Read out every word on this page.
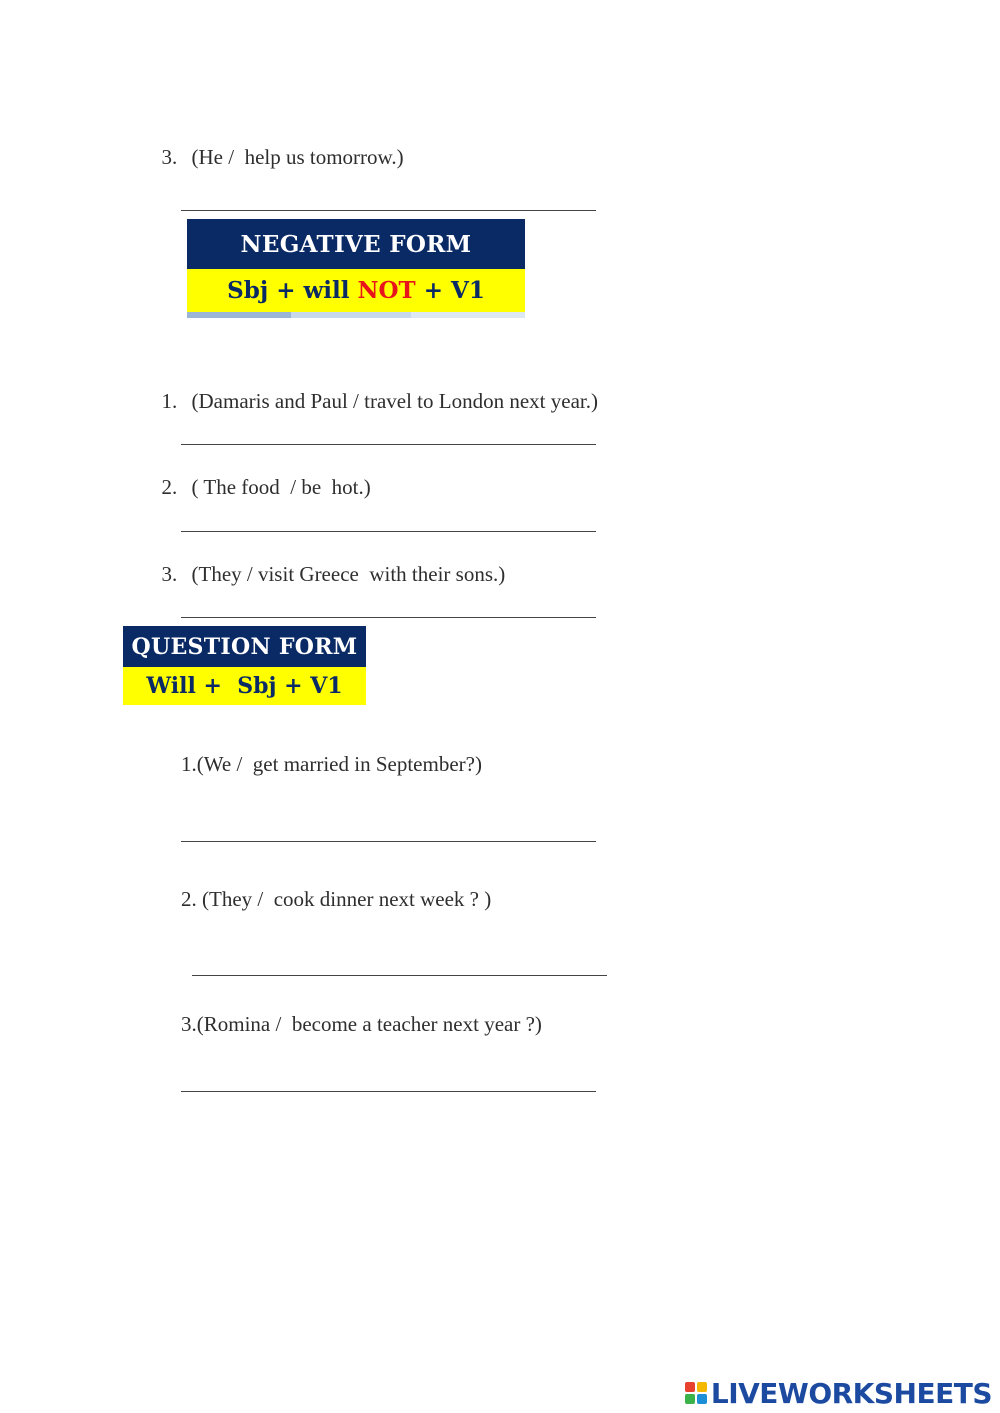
3. (He /  help us tomorrow.)

NEGATIVE FORM
Sbj + will NOT + V1

1. (Damaris and Paul / travel to London next year.)

2. ( The food  / be  hot.)

3. (They / visit Greece  with their sons.)

QUESTION FORM
Will +  Sbj + V1
1.(We /  get married in September?)
2. (They /  cook dinner next week ? )
3.(Romina /  become a teacher next year ?)
LIVEWORKSHEETS
